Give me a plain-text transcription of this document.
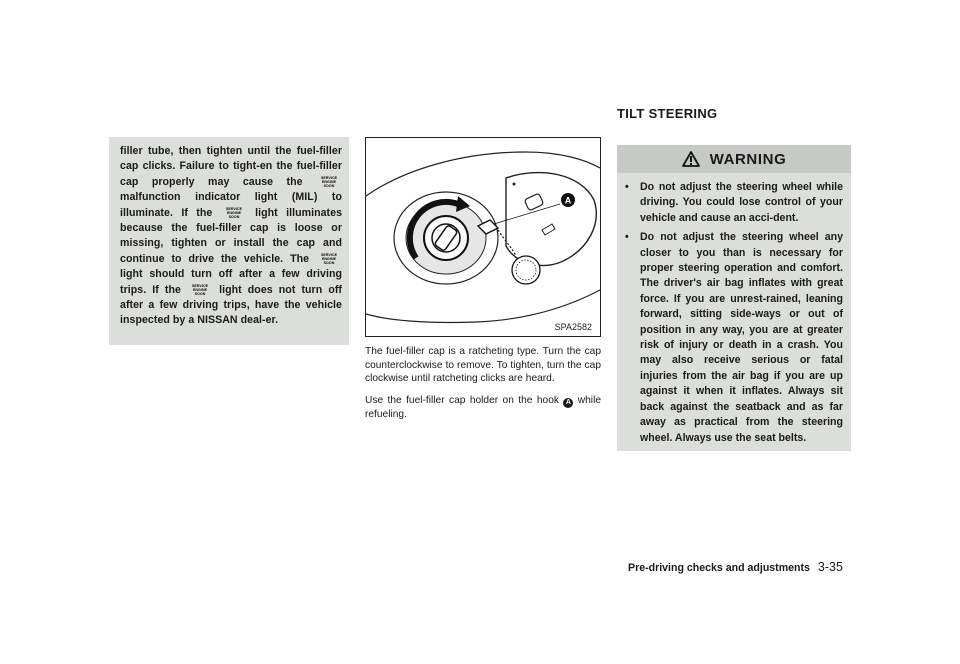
filler tube, then tighten until the fuel-filler cap clicks. Failure to tight-en the fuel-filler cap properly may cause the SERVICE
ENGINE
SOON
malfunction indicator light (MIL) to illuminate. If the SERVICE
ENGINE
SOON light illuminates because the fuel-filler cap is loose or missing, tighten or install the cap and continue to drive the vehicle. The SERVICE
ENGINE
SOON
light should turn off after a few driving trips. If the SERVICE
ENGINE
SOON light does not turn off after a few driving trips, have the vehicle inspected by a NISSAN deal-er.

A
SPA2582

The fuel-filler cap is a ratcheting type. Turn the cap counterclockwise to remove. To tighten, turn the cap clockwise until ratcheting clicks are heard.

Use the fuel-filler cap holder on the hook A while refueling.

TILT STEERING
WARNING
• Do not adjust the steering wheel while driving. You could lose control of your vehicle and cause an acci-dent.
• Do not adjust the steering wheel any closer to you than is necessary for proper steering operation and comfort. The driver's air bag inflates with great force. If you are unrest-rained, leaning forward, sitting side-ways or out of position in any way, you are at greater risk of injury or death in a crash. You may also receive serious or fatal injuries from the air bag if you are up against it when it inflates. Always sit back against the seatback and as far away as practical from the steering wheel. Always use the seat belts.
Pre-driving checks and adjustments 3-35
